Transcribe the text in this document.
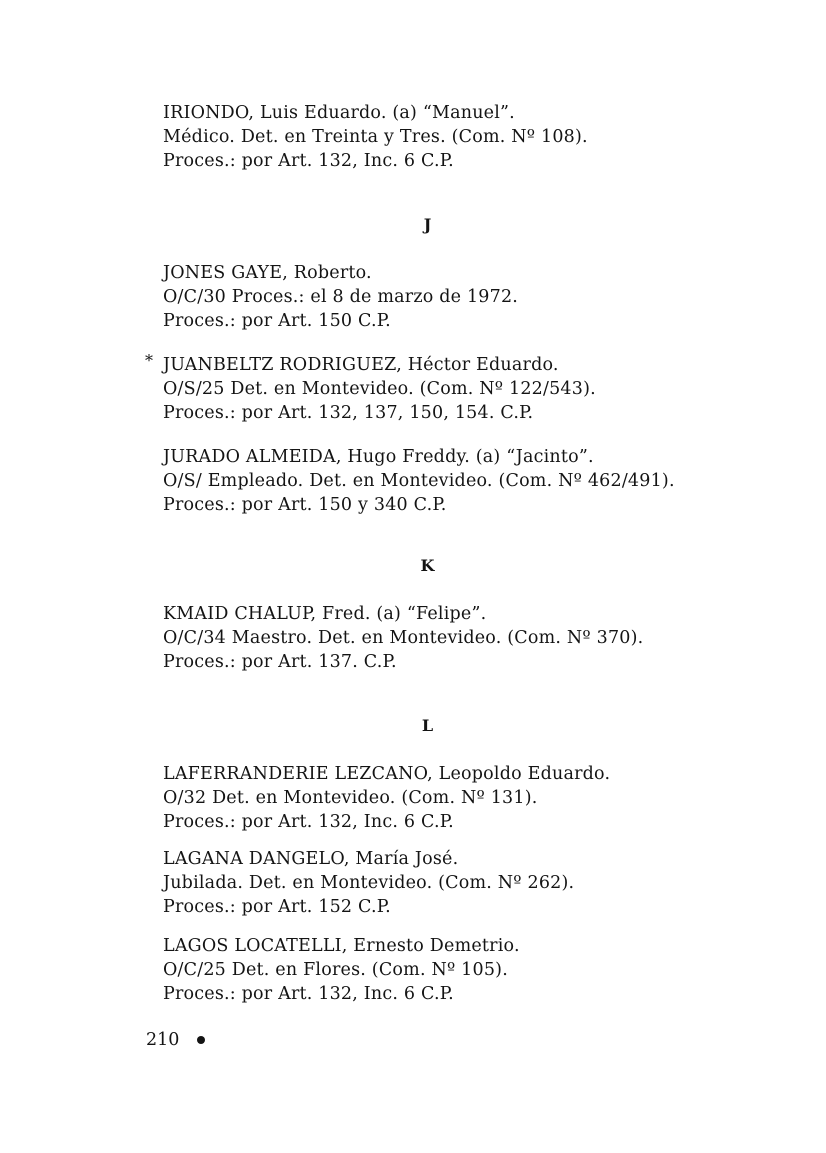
IRIONDO, Luis Eduardo. (a) “Manuel”.
Médico. Det. en Treinta y Tres. (Com. Nº 108).
Proces.: por Art. 132, Inc. 6 C.P.
J
JONES GAYE, Roberto.
O/C/30 Proces.: el 8 de marzo de 1972.
Proces.: por Art. 150 C.P.
* JUANBELTZ RODRIGUEZ, Héctor Eduardo.
O/S/25 Det. en Montevideo. (Com. Nº 122/543).
Proces.: por Art. 132, 137, 150, 154. C.P.
JURADO ALMEIDA, Hugo Freddy. (a) “Jacinto”.
O/S/ Empleado. Det. en Montevideo. (Com. Nº 462/491).
Proces.: por Art. 150 y 340 C.P.
K
KMAID CHALUP, Fred. (a) “Felipe”.
O/C/34 Maestro. Det. en Montevideo. (Com. Nº 370).
Proces.: por Art. 137. C.P.
L
LAFERRANDERIE LEZCANO, Leopoldo Eduardo.
O/32 Det. en Montevideo. (Com. Nº 131).
Proces.: por Art. 132, Inc. 6 C.P.
LAGANA DANGELO, María José.
Jubilada. Det. en Montevideo. (Com. Nº 262).
Proces.: por Art. 152 C.P.
LAGOS LOCATELLI, Ernesto Demetrio.
O/C/25 Det. en Flores. (Com. Nº 105).
Proces.: por Art. 132, Inc. 6 C.P.
210
